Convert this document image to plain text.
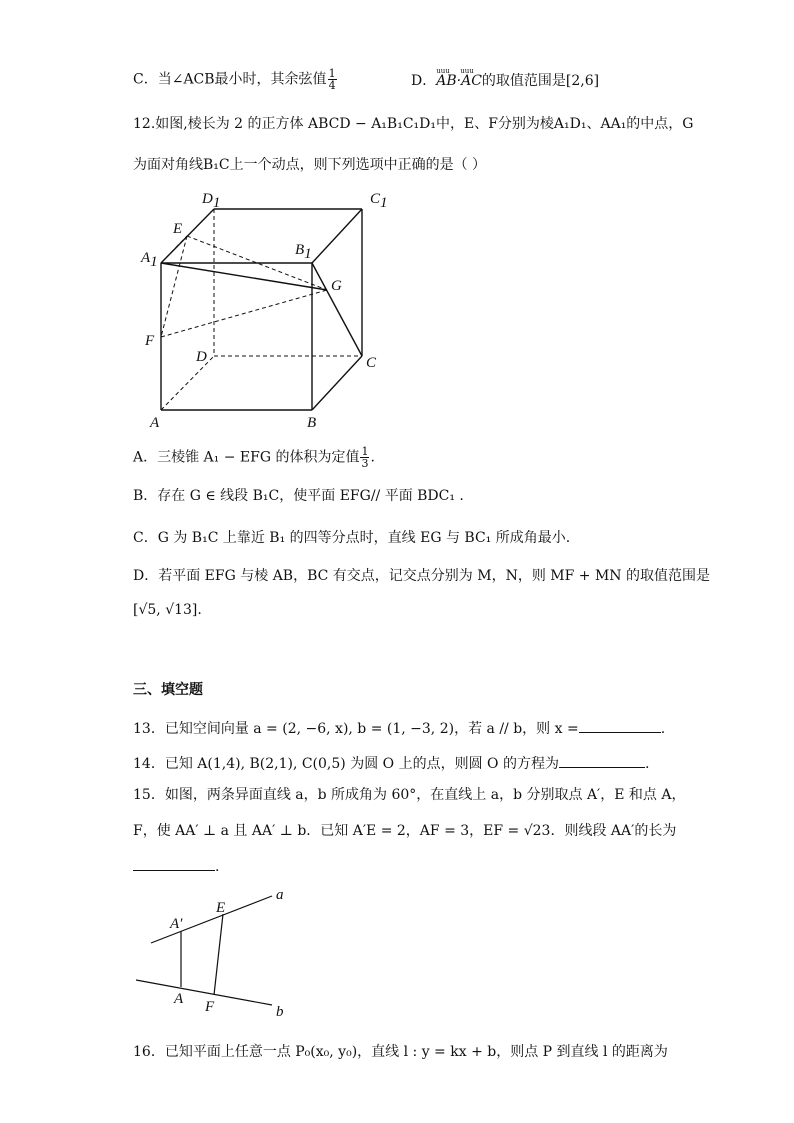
C．当∠ACB最小时，其余弦值 $\frac{1}{4}$	D．
uuu uuu
AB·AC的取值范围是[2,6]
12.如图,棱长为 2 的正方体 ABCD − A₁B₁C₁D₁中，E、F分别为棱A₁D₁、AA₁的中点，G
为面对角线B₁C上一个动点，则下列选项中正确的是（ ）
D1	C1
E
B1
A1
G
F
D	C
A	B
A．三棱锥 A₁ − EFG 的体积为定值 $\frac{1}{3}$ .
B．存在 G ∈ 线段 B₁C，使平面 EFG// 平面 BDC₁ .
C．G 为 B₁C 上靠近 B₁ 的四等分点时，直线 EG 与 BC₁ 所成角最小.
D．若平面 EFG 与棱 AB，BC 有交点，记交点分别为 M，N，则 MF + MN 的取值范围是
[√5, √13].
三、填空题
13．已知空间向量 a = (2, −6, x), b = (1, −3, 2)，若 a // b，则 x =	.
14．已知 A(1,4), B(2,1), C(0,5) 为圆 O 上的点，则圆 O 的方程为	.
15．如图，两条异面直线 a，b 所成角为 60°，在直线上 a，b 分别取点 A′，E 和点 A，
F，使 AA′ ⊥ a 且 AA′ ⊥ b．已知 A′E = 2，AF = 3，EF = √23．则线段 AA′的长为
.
a
b
E
A′
A F
16．已知平面上任意一点 P₀(x₀, y₀)，直线 l : y = kx + b，则点 P 到直线 l 的距离为
